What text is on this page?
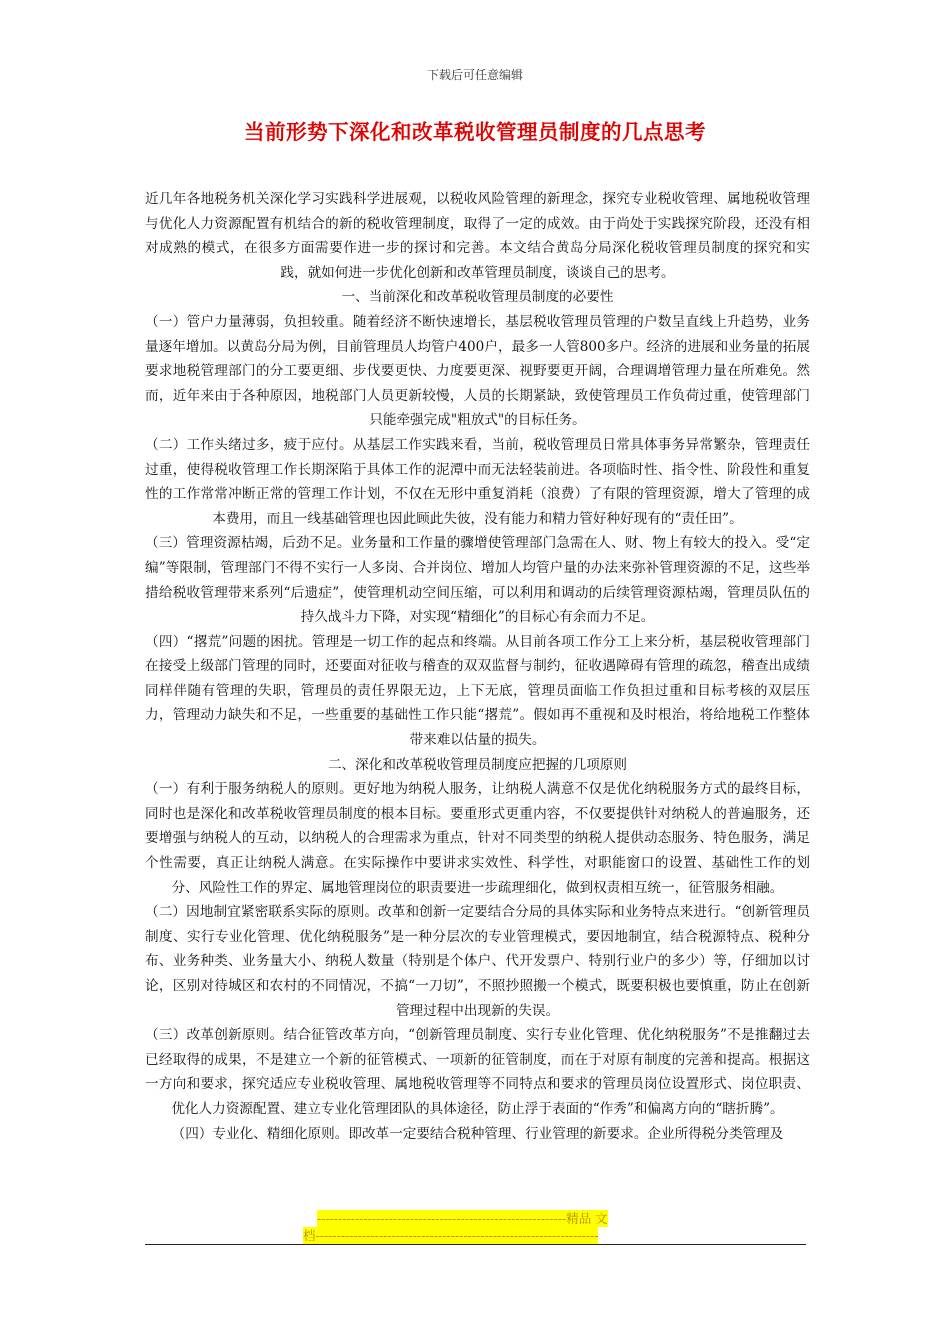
下载后可任意编辑
当前形势下深化和改革税收管理员制度的几点思考

近几年各地税务机关深化学习实践科学进展观，以税收风险管理的新理念，探究专业税收管理、属地税收管理与优化人力资源配置有机结合的新的税收管理制度，取得了一定的成效。由于尚处于实践探究阶段，还没有相对成熟的模式，在很多方面需要作进一步的探讨和完善。本文结合黄岛分局深化税收管理员制度的探究和实践，就如何进一步优化创新和改革管理员制度，谈谈自己的思考。

一、当前深化和改革税收管理员制度的必要性

（一）管户力量薄弱，负担较重。随着经济不断快速增长，基层税收管理员管理的户数呈直线上升趋势，业务量逐年增加。以黄岛分局为例，目前管理员人均管户400户，最多一人管800多户。经济的进展和业务量的拓展要求地税管理部门的分工要更细、步伐要更快、力度要更深、视野要更开阔，合理调增管理力量在所难免。然而，近年来由于各种原因，地税部门人员更新较慢，人员的长期紧缺，致使管理员工作负荷过重，使管理部门只能牵强完成"粗放式"的目标任务。

（二）工作头绪过多，疲于应付。从基层工作实践来看，当前，税收管理员日常具体事务异常繁杂，管理责任过重，使得税收管理工作长期深陷于具体工作的泥潭中而无法轻装前进。各项临时性、指令性、阶段性和重复性的工作常常冲断正常的管理工作计划，不仅在无形中重复消耗（浪费）了有限的管理资源，增大了管理的成本费用，而且一线基础管理也因此顾此失彼，没有能力和精力管好种好现有的“责任田”。

（三）管理资源枯竭，后劲不足。业务量和工作量的骤增使管理部门急需在人、财、物上有较大的投入。受“定编”等限制，管理部门不得不实行一人多岗、合并岗位、增加人均管户量的办法来弥补管理资源的不足，这些举措给税收管理带来系列“后遗症”，使管理机动空间压缩，可以利用和调动的后续管理资源枯竭，管理员队伍的持久战斗力下降，对实现“精细化”的目标心有余而力不足。

（四）“撂荒”问题的困扰。管理是一切工作的起点和终端。从目前各项工作分工上来分析，基层税收管理部门在接受上级部门管理的同时，还要面对征收与稽查的双双监督与制约，征收遇障碍有管理的疏忽，稽查出成绩同样伴随有管理的失职，管理员的责任界限无边，上下无底，管理员面临工作负担过重和目标考核的双层压力，管理动力缺失和不足，一些重要的基础性工作只能“撂荒”。假如再不重视和及时根治，将给地税工作整体带来难以估量的损失。

二、深化和改革税收管理员制度应把握的几项原则

（一）有利于服务纳税人的原则。更好地为纳税人服务，让纳税人满意不仅是优化纳税服务方式的最终目标，同时也是深化和改革税收管理员制度的根本目标。要重形式更重内容，不仅要提供针对纳税人的普遍服务，还要增强与纳税人的互动，以纳税人的合理需求为重点，针对不同类型的纳税人提供动态服务、特色服务，满足个性需要，真正让纳税人满意。在实际操作中要讲求实效性、科学性，对职能窗口的设置、基础性工作的划分、风险性工作的界定、属地管理岗位的职责要进一步疏理细化，做到权责相互统一，征管服务相融。

（二）因地制宜紧密联系实际的原则。改革和创新一定要结合分局的具体实际和业务特点来进行。“创新管理员制度、实行专业化管理、优化纳税服务”是一种分层次的专业管理模式，要因地制宜，结合税源特点、税种分布、业务种类、业务量大小、纳税人数量（特别是个体户、代开发票户、特别行业户的多少）等，仔细加以讨论，区别对待城区和农村的不同情况，不搞“一刀切”，不照抄照搬一个模式，既要积极也要慎重，防止在创新管理过程中出现新的失误。

（三）改革创新原则。结合征管改革方向，“创新管理员制度、实行专业化管理、优化纳税服务”不是推翻过去已经取得的成果，不是建立一个新的征管模式、一项新的征管制度，而在于对原有制度的完善和提高。根据这一方向和要求，探究适应专业税收管理、属地税收管理等不同特点和要求的管理员岗位设置形式、岗位职责、优化人力资源配置、建立专业化管理团队的具体途径，防止浮于表面的“作秀”和偏离方向的“瞎折腾”。

（四）专业化、精细化原则。即改革一定要结合税种管理、行业管理的新要求。企业所得税分类管理及

-----------------------------------------------------------精品 文
档-------------------------------------------------------------------
